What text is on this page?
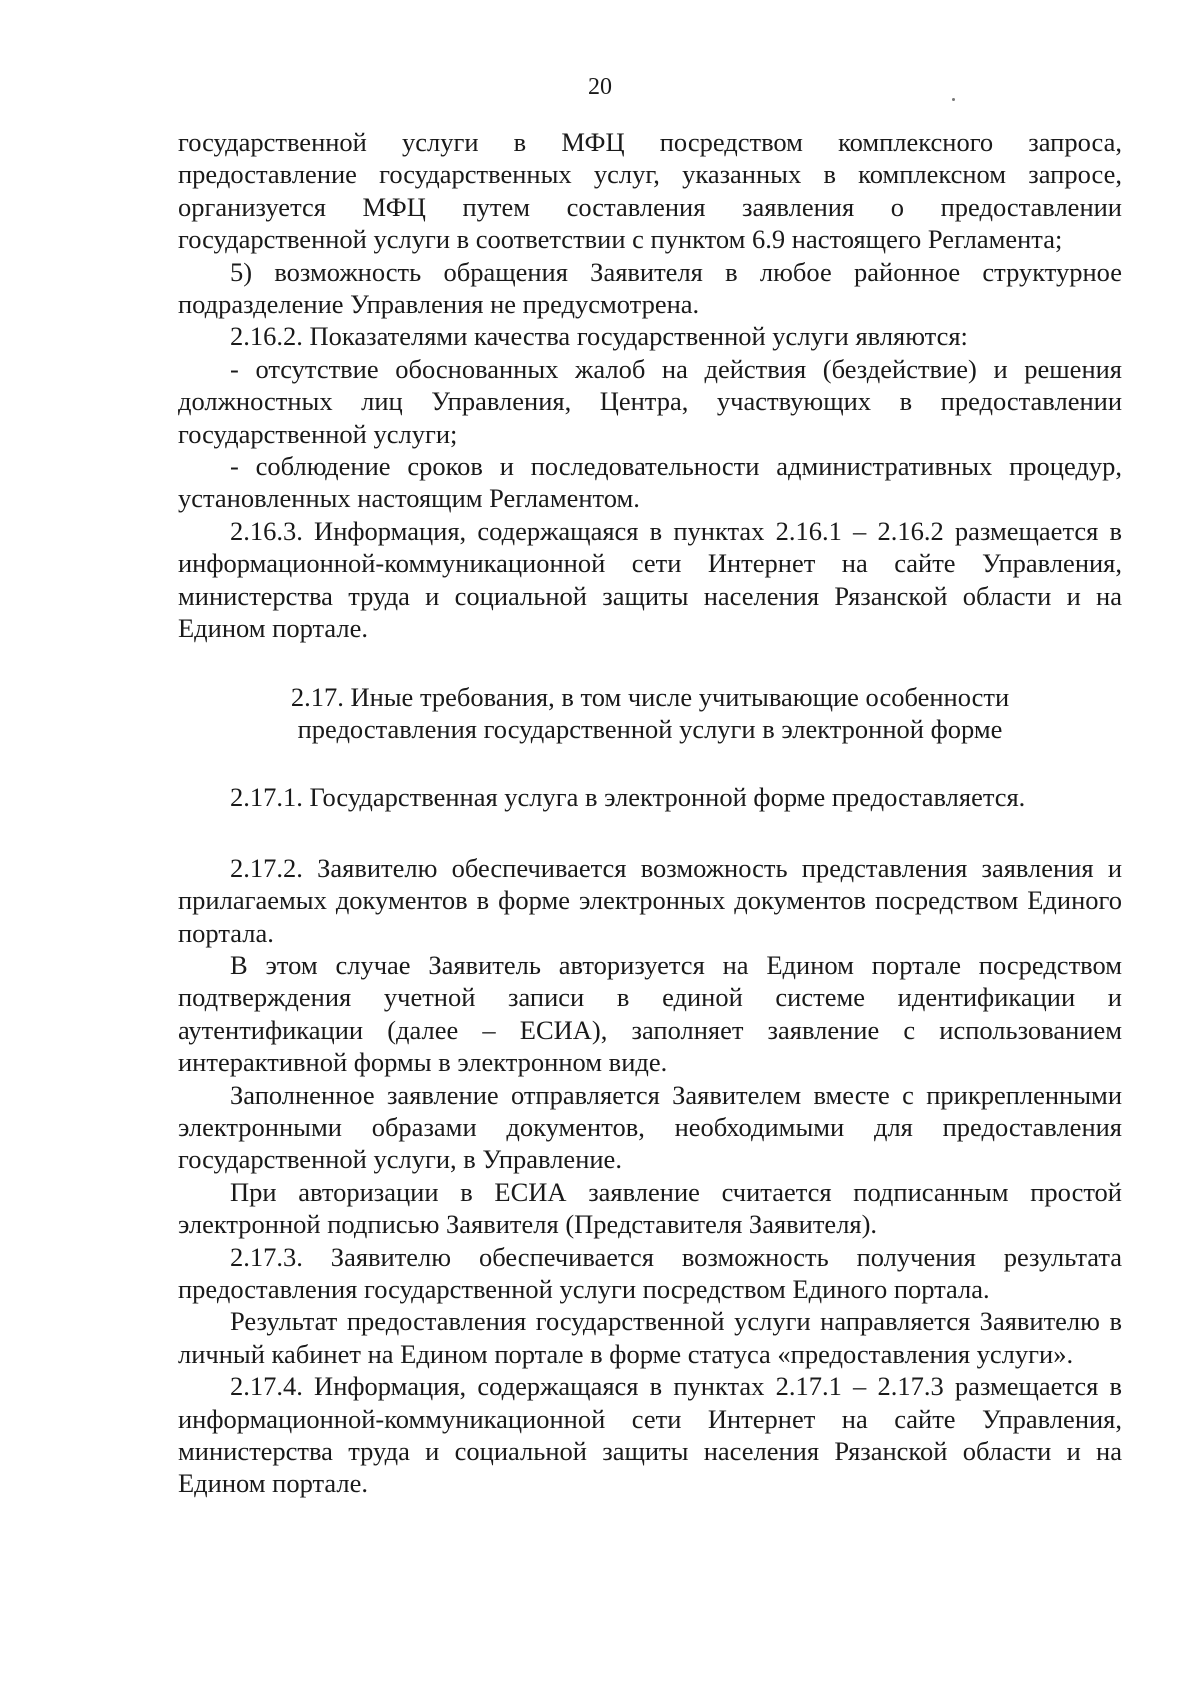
20

государственной услуги в МФЦ посредством комплексного запроса, предоставление государственных услуг, указанных в комплексном запросе, организуется МФЦ путем составления заявления о предоставлении государственной услуги в соответствии с пунктом 6.9 настоящего Регламента;

5) возможность обращения Заявителя в любое районное структурное подразделение Управления не предусмотрена.

2.16.2. Показателями качества государственной услуги являются:

- отсутствие обоснованных жалоб на действия (бездействие) и решения должностных лиц Управления, Центра, участвующих в предоставлении государственной услуги;

- соблюдение сроков и последовательности административных процедур, установленных настоящим Регламентом.

2.16.3. Информация, содержащаяся в пунктах 2.16.1 – 2.16.2 размещается в информационной-коммуникационной сети Интернет на сайте Управления, министерства труда и социальной защиты населения Рязанской области и на Едином портале.

2.17. Иные требования, в том числе учитывающие особенности
предоставления государственной услуги в электронной форме

2.17.1. Государственная услуга в электронной форме предоставляется.

2.17.2. Заявителю обеспечивается возможность представления заявления и прилагаемых документов в форме электронных документов посредством Единого портала.

В этом случае Заявитель авторизуется на Едином портале посредством подтверждения учетной записи в единой системе идентификации и аутентификации (далее – ЕСИА), заполняет заявление с использованием интерактивной формы в электронном виде.

Заполненное заявление отправляется Заявителем вместе с прикрепленными электронными образами документов, необходимыми для предоставления государственной услуги, в Управление.

При авторизации в ЕСИА заявление считается подписанным простой электронной подписью Заявителя (Представителя Заявителя).

2.17.3. Заявителю обеспечивается возможность получения результата предоставления государственной услуги посредством Единого портала.

Результат предоставления государственной услуги направляется Заявителю в личный кабинет на Едином портале в форме статуса «предоставления услуги».

2.17.4. Информация, содержащаяся в пунктах 2.17.1 – 2.17.3 размещается в информационной-коммуникационной сети Интернет на сайте Управления, министерства труда и социальной защиты населения Рязанской области и на Едином портале.
